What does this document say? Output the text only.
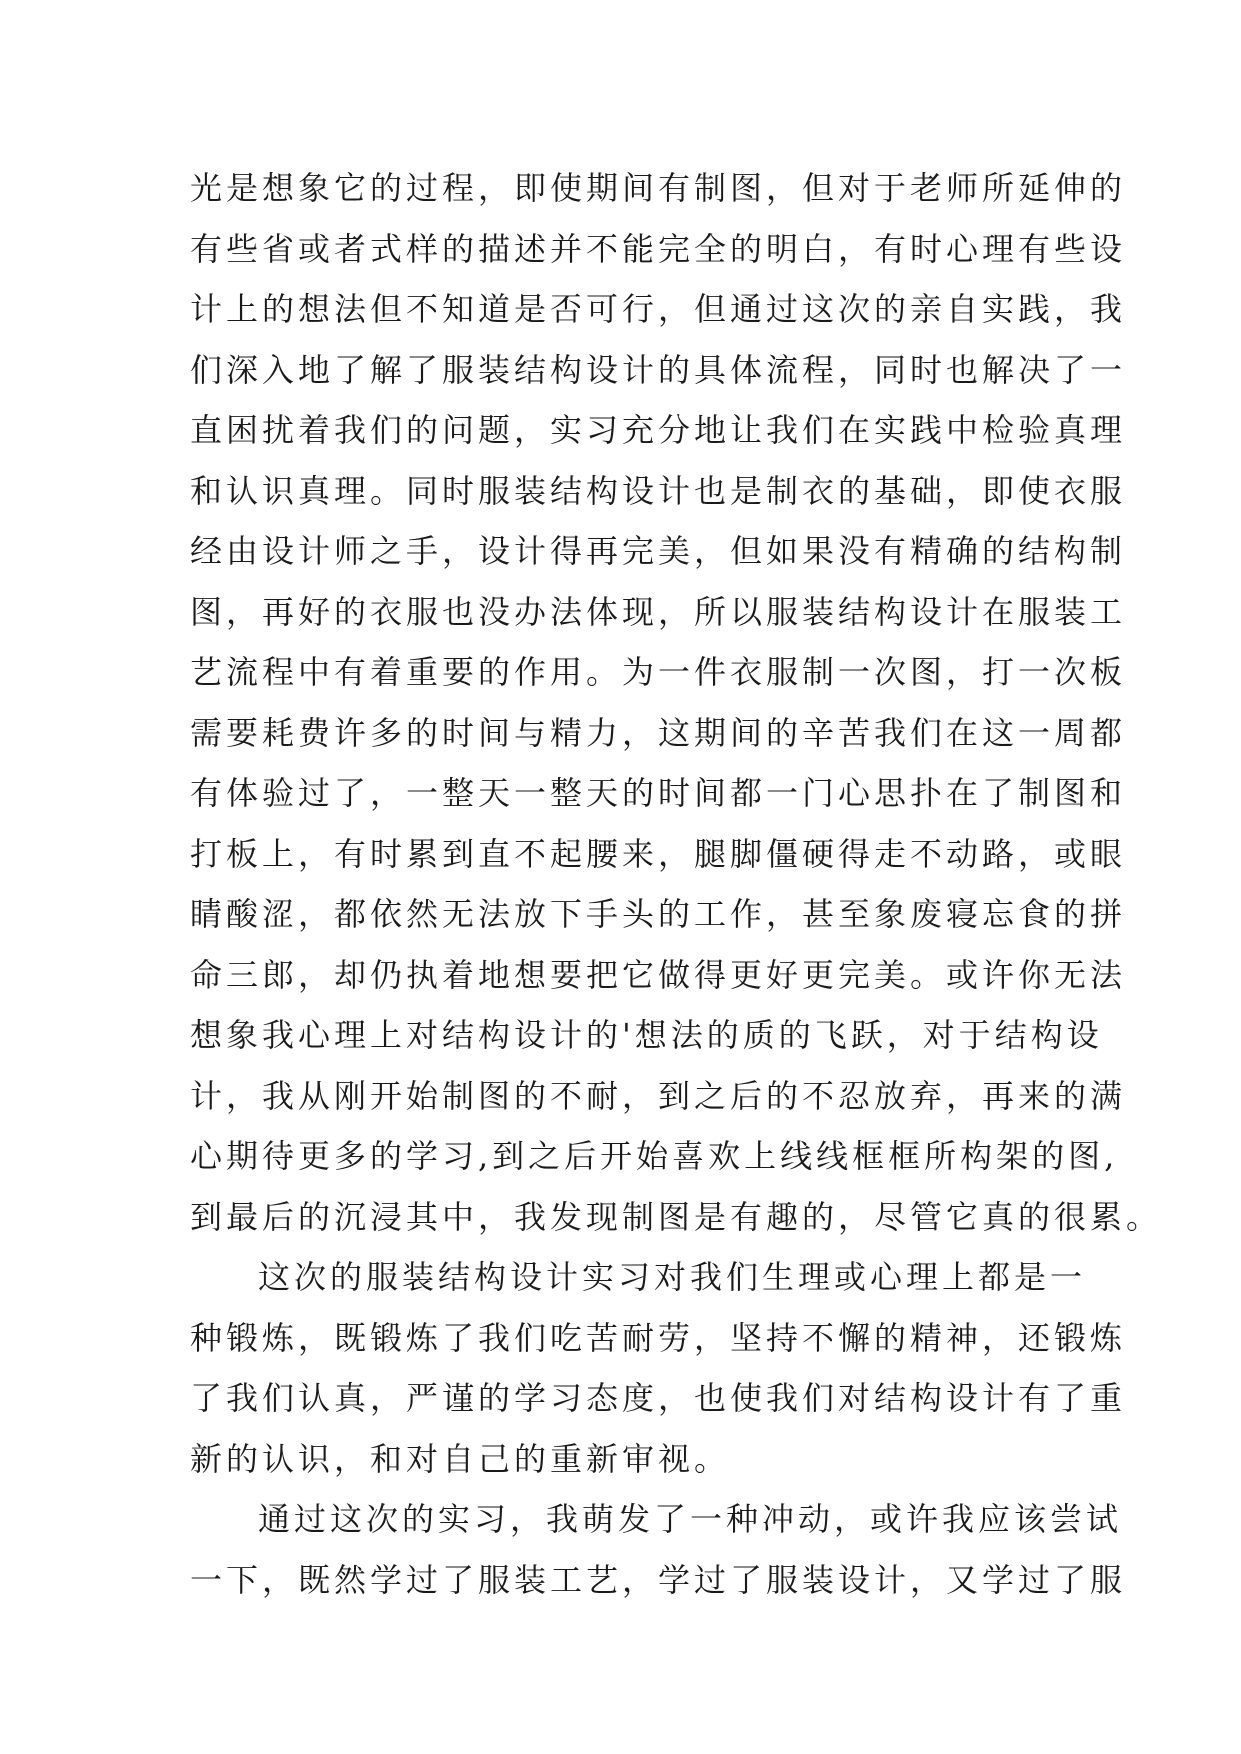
光是想象它的过程，即使期间有制图，但对于老师所延伸的
有些省或者式样的描述并不能完全的明白，有时心理有些设
计上的想法但不知道是否可行，但通过这次的亲自实践，我
们深入地了解了服装结构设计的具体流程，同时也解决了一
直困扰着我们的问题，实习充分地让我们在实践中检验真理
和认识真理。同时服装结构设计也是制衣的基础，即使衣服
经由设计师之手，设计得再完美，但如果没有精确的结构制
图，再好的衣服也没办法体现，所以服装结构设计在服装工
艺流程中有着重要的作用。为一件衣服制一次图，打一次板
需要耗费许多的时间与精力，这期间的辛苦我们在这一周都
有体验过了，一整天一整天的时间都一门心思扑在了制图和
打板上，有时累到直不起腰来，腿脚僵硬得走不动路，或眼
睛酸涩，都依然无法放下手头的工作，甚至象废寝忘食的拼
命三郎，却仍执着地想要把它做得更好更完美。或许你无法
想象我心理上对结构设计的'想法的质的飞跃，对于结构设
计，我从刚开始制图的不耐，到之后的不忍放弃，再来的满
心期待更多的学习,到之后开始喜欢上线线框框所构架的图,
到最后的沉浸其中，我发现制图是有趣的，尽管它真的很累。
这次的服装结构设计实习对我们生理或心理上都是一
种锻炼，既锻炼了我们吃苦耐劳，坚持不懈的精神，还锻炼
了我们认真，严谨的学习态度，也使我们对结构设计有了重
新的认识，和对自己的重新审视。
通过这次的实习，我萌发了一种冲动，或许我应该尝试
一下，既然学过了服装工艺，学过了服装设计，又学过了服
